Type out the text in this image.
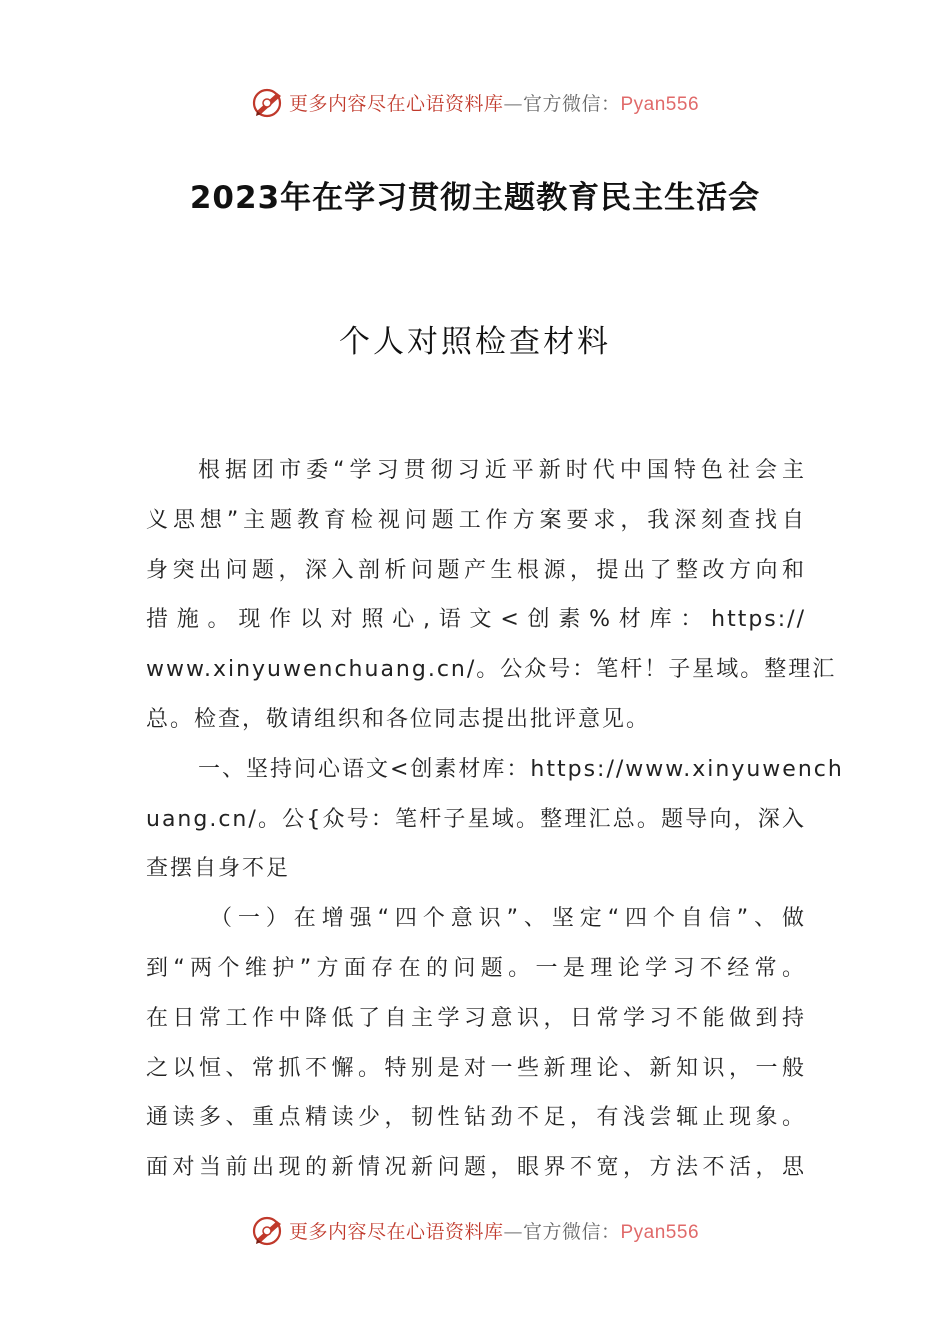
更多内容尽在心语资料库—官方微信：Pyan556
2023年在学习贯彻主题教育民主生活会
个人对照检查材料
根据团市委“学习贯彻习近平新时代中国特色社会主
义思想”主题教育检视问题工作方案要求，我深刻查找自
身突出问题，深入剖析问题产生根源，提出了整改方向和
措施。现作以对照心,语文<创素%材库：https://
www.xinyuwenchuang.cn/。公众号：笔杆！子星域。整理汇
总。检查，敬请组织和各位同志提出批评意见。
一、坚持问心语文<创素材库：https://www.xinyuwench
uang.cn/。公{众号：笔杆子星域。整理汇总。题导向，深入
查摆自身不足
（一）在增强“四个意识”、坚定“四个自信”、做
到“两个维护”方面存在的问题。一是理论学习不经常。
在日常工作中降低了自主学习意识，日常学习不能做到持
之以恒、常抓不懈。特别是对一些新理论、新知识，一般
通读多、重点精读少，韧性钻劲不足，有浅尝辄止现象。
面对当前出现的新情况新问题，眼界不宽，方法不活，思
更多内容尽在心语资料库—官方微信：Pyan556
